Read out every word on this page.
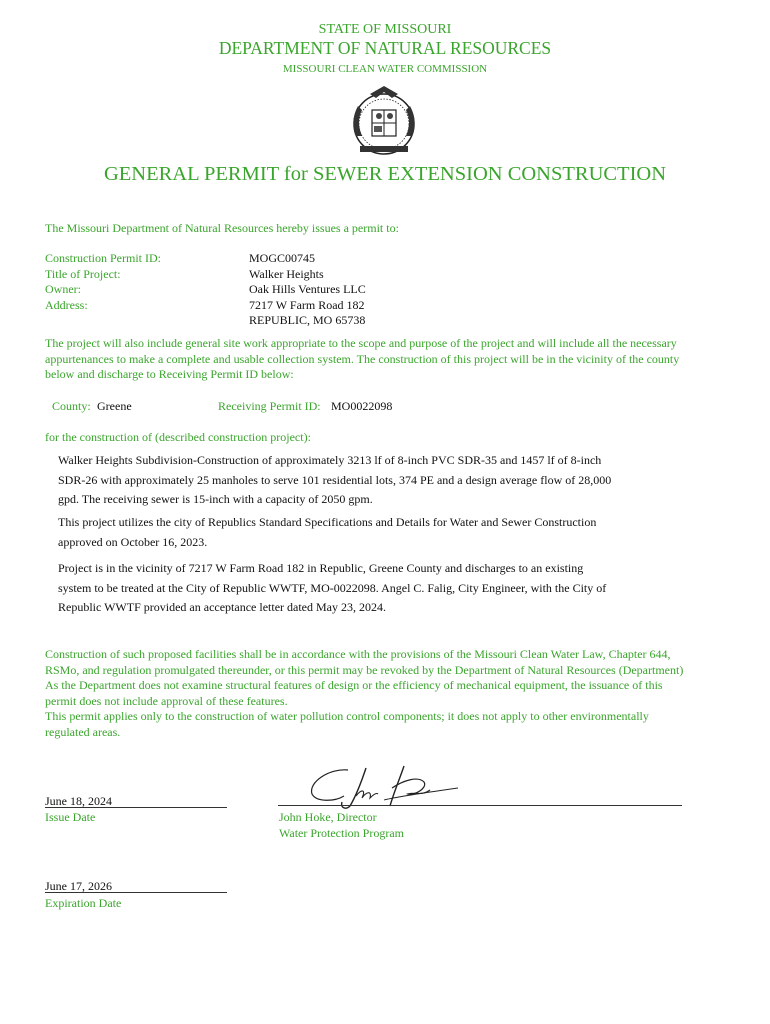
STATE OF MISSOURI
DEPARTMENT OF NATURAL RESOURCES
MISSOURI CLEAN WATER COMMISSION
GENERAL PERMIT for SEWER EXTENSION CONSTRUCTION
The Missouri Department of Natural Resources hereby issues a permit to:
Construction Permit ID:
Title of Project:
Owner:
Address:
MOGC00745
Walker Heights
Oak Hills Ventures LLC
7217 W Farm Road 182
REPUBLIC, MO 65738
The project will also include general site work appropriate to the scope and purpose of the project and will include all the necessary
appurtenances to make a complete and usable collection system. The construction of this project will be in the vicinity of the county
below and discharge to Receiving Permit ID below:
County: Greene	Receiving Permit ID: MO0022098
for the construction of (described construction project):
Walker Heights Subdivision-Construction of approximately 3213 lf of 8-inch PVC SDR-35 and 1457 lf of 8-inch
SDR-26 with approximately 25 manholes to serve 101 residential lots, 374 PE and a design average flow of 28,000
gpd. The receiving sewer is 15-inch with a capacity of 2050 gpm.
This project utilizes the city of Republics Standard Specifications and Details for Water and Sewer Construction
approved on October 16, 2023.
Project is in the vicinity of 7217 W Farm Road 182 in Republic, Greene County and discharges to an existing
system to be treated at the City of Republic WWTF, MO-0022098. Angel C. Falig, City Engineer, with the City of
Republic WWTF provided an acceptance letter dated May 23, 2024.
Construction of such proposed facilities shall be in accordance with the provisions of the Missouri Clean Water Law, Chapter 644,
RSMo, and regulation promulgated thereunder, or this permit may be revoked by the Department of Natural Resources (Department)
As the Department does not examine structural features of design or the efficiency of mechanical equipment, the issuance of this
permit does not include approval of these features.
This permit applies only to the construction of water pollution control components; it does not apply to other environmentally
regulated areas.
June 18, 2024
Issue Date	John Hoke, Director
Water Protection Program
June 17, 2026
Expiration Date
